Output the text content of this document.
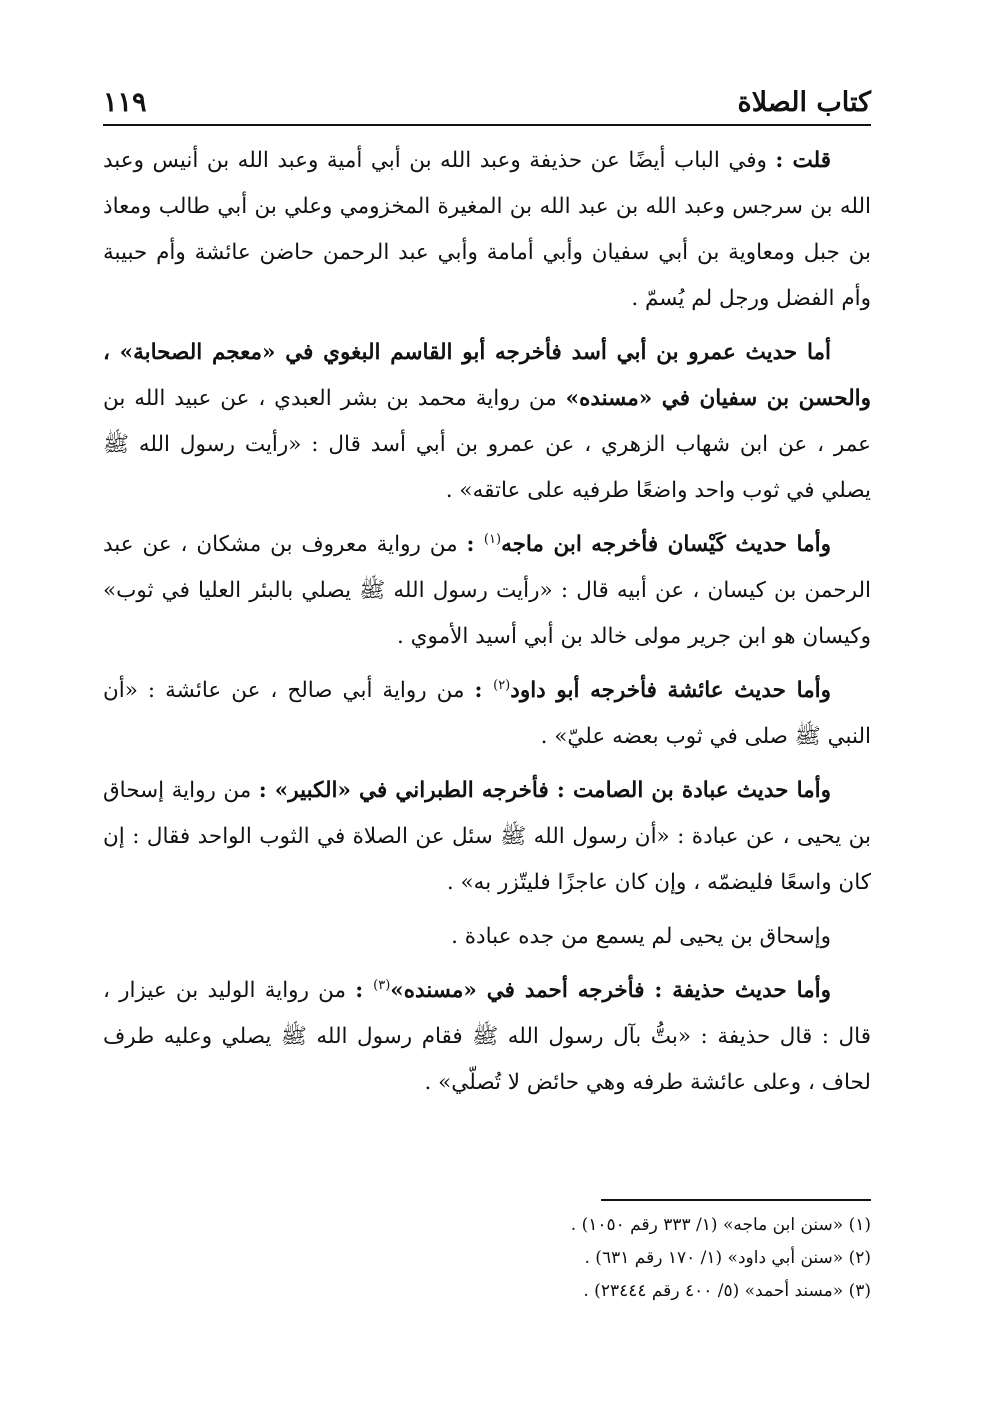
كتاب الصلاة
١١٩

قلت : وفي الباب أيضًا عن حذيفة وعبد الله بن أبي أمية وعبد الله بن أنيس وعبد الله بن سرجس وعبد الله بن عبد الله بن المغيرة المخزومي وعلي بن أبي طالب ومعاذ بن جبل ومعاوية بن أبي سفيان وأبي أمامة وأبي عبد الرحمن حاضن عائشة وأم حبيبة وأم الفضل ورجل لم يُسمّ .

أما حديث عمرو بن أبي أسد فأخرجه أبو القاسم البغوي في «معجم الصحابة» ، والحسن بن سفيان في «مسنده» من رواية محمد بن بشر العبدي ، عن عبيد الله بن عمر ، عن ابن شهاب الزهري ، عن عمرو بن أبي أسد قال : «رأيت رسول الله ﷺ يصلي في ثوب واحد واضعًا طرفيه على عاتقه» .

وأما حديث كَيْسان فأخرجه ابن ماجه$^{(١)}$ : من رواية معروف بن مشكان ، عن عبد الرحمن بن كيسان ، عن أبيه قال : «رأيت رسول الله ﷺ يصلي بالبئر العليا في ثوب» وكيسان هو ابن جرير مولى خالد بن أبي أسيد الأموي .

وأما حديث عائشة فأخرجه أبو داود$^{(٢)}$ : من رواية أبي صالح ، عن عائشة : «أن النبي ﷺ صلى في ثوب بعضه عليّ» .

وأما حديث عبادة بن الصامت : فأخرجه الطبراني في «الكبير» : من رواية إسحاق بن يحيى ، عن عبادة : «أن رسول الله ﷺ سئل عن الصلاة في الثوب الواحد فقال : إن كان واسعًا فليضمّه ، وإن كان عاجزًا فليتّزر به» .

وإسحاق بن يحيى لم يسمع من جده عبادة .

وأما حديث حذيفة : فأخرجه أحمد في «مسنده»$^{(٣)}$ : من رواية الوليد بن عيزار ، قال : قال حذيفة : «بتُّ بآل رسول الله ﷺ فقام رسول الله ﷺ يصلي وعليه طرف لحاف ، وعلى عائشة طرفه وهي حائض لا تُصلّي» .

(١) «سنن ابن ماجه» (١/ ٣٣٣ رقم ١٠٥٠) .

(٢) «سنن أبي داود» (١/ ١٧٠ رقم ٦٣١) .

(٣) «مسند أحمد» (٥/ ٤٠٠ رقم ٢٣٤٤٤) .
